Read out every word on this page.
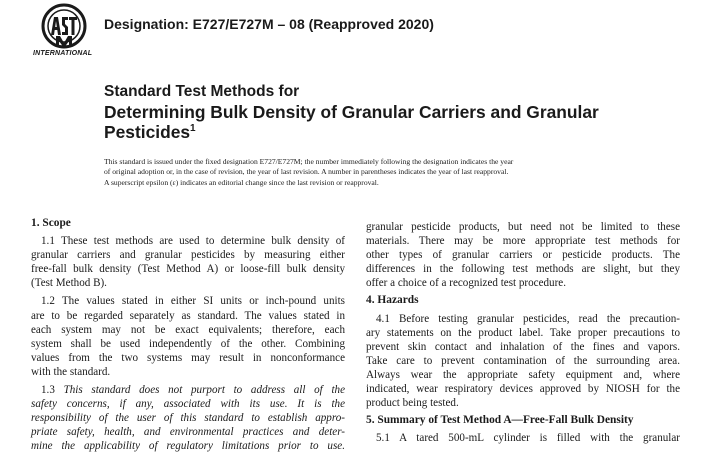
INTERNATIONAL
Designation: E727/E727M – 08 (Reapproved 2020)
Standard Test Methods for
Determining Bulk Density of Granular Carriers and Granular
Pesticides$^1$
This standard is issued under the fixed designation E727/E727M; the number immediately following the designation indicates the year
of original adoption or, in the case of revision, the year of last revision. A number in parentheses indicates the year of last reapproval.
A superscript epsilon (ε) indicates an editorial change since the last revision or reapproval.
1. Scope
1.1 These test methods are used to determine bulk density of
granular carriers and granular pesticides by measuring either
free-fall bulk density (Test Method A) or loose-fill bulk density
(Test Method B).
1.2 The values stated in either SI units or inch-pound units
are to be regarded separately as standard. The values stated in
each system may not be exact equivalents; therefore, each
system shall be used independently of the other. Combining
values from the two systems may result in nonconformance
with the standard.
1.3 This standard does not purport to address all of the
safety concerns, if any, associated with its use. It is the
responsibility of the user of this standard to establish appro-
priate safety, health, and environmental practices and deter-
mine the applicability of regulatory limitations prior to use.
granular pesticide products, but need not be limited to these
materials. There may be more appropriate test methods for
other types of granular carriers or pesticide products. The
differences in the following test methods are slight, but they
offer a choice of a recognized test procedure.
4. Hazards
4.1 Before testing granular pesticides, read the precaution-
ary statements on the product label. Take proper precautions to
prevent skin contact and inhalation of the fines and vapors.
Take care to prevent contamination of the surrounding area.
Always wear the appropriate safety equipment and, where
indicated, wear respiratory devices approved by NIOSH for the
product being tested.
5. Summary of Test Method A—Free-Fall Bulk Density
5.1 A tared 500-mL cylinder is filled with the granular
